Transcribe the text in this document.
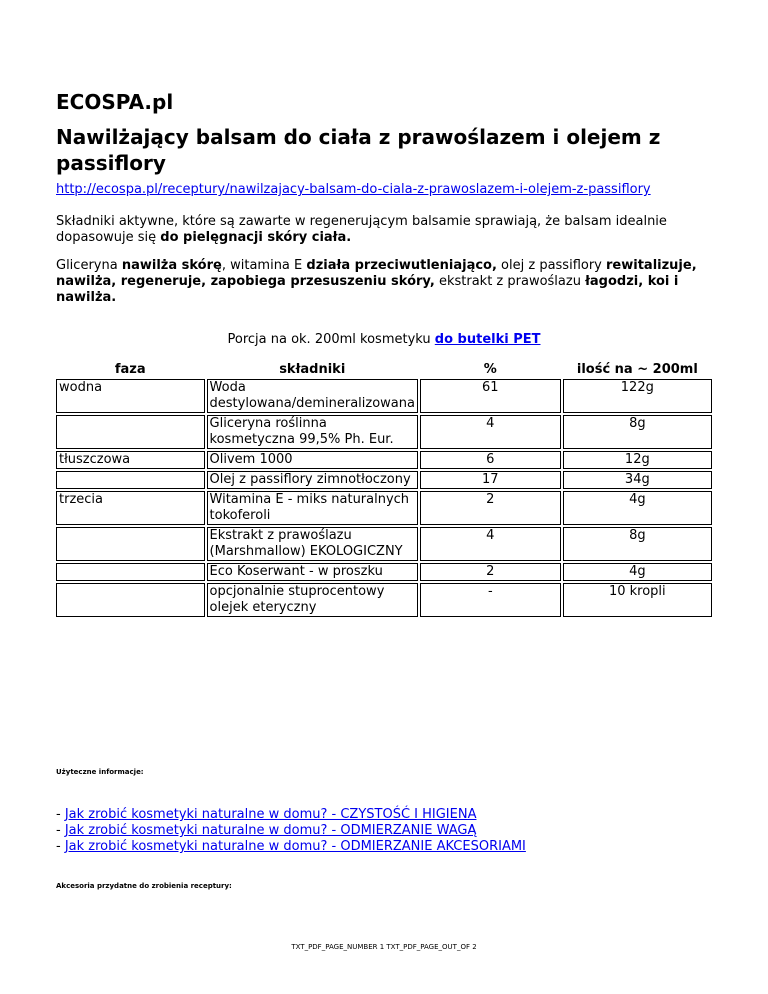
ECOSPA.pl
Nawilżający balsam do ciała z prawoślazem i olejem z passiflory
http://ecospa.pl/receptury/nawilzajacy-balsam-do-ciala-z-prawoslazem-i-olejem-z-passiflory

Składniki aktywne, które są zawarte w regenerującym balsamie sprawiają, że balsam idealnie dopasowuje się do pielęgnacji skóry ciała.

Gliceryna nawilża skórę, witamina E działa przeciwutleniająco, olej z passiflory rewitalizuje, nawilża, regeneruje, zapobiega przesuszeniu skóry, ekstrakt z prawoślazu łagodzi, koi i nawilża.

Porcja na ok. 200ml kosmetyku do butelki PET
faza	składniki	%	ilość na ~ 200ml
wodna	Woda destylowana/demineralizowana	61	122g
	Gliceryna roślinna kosmetyczna 99,5% Ph. Eur.	4	8g
tłuszczowa	Olivem 1000	6	12g
	Olej z passiflory zimnotłoczony	17	34g
trzecia	Witamina E - miks naturalnych tokoferoli	2	4g
	Ekstrakt z prawoślazu (Marshmallow) EKOLOGICZNY	4	8g
	Eco Koserwant - w proszku	2	4g
	opcjonalnie stuprocentowy olejek eteryczny	-	10 kropli
Użyteczne informacje:
- Jak zrobić kosmetyki naturalne w domu? - CZYSTOŚĆ I HIGIENA
- Jak zrobić kosmetyki naturalne w domu? - ODMIERZANIE WAGĄ
- Jak zrobić kosmetyki naturalne w domu? - ODMIERZANIE AKCESORIAMI
Akcesoria przydatne do zrobienia receptury:
TXT_PDF_PAGE_NUMBER 1 TXT_PDF_PAGE_OUT_OF 2
